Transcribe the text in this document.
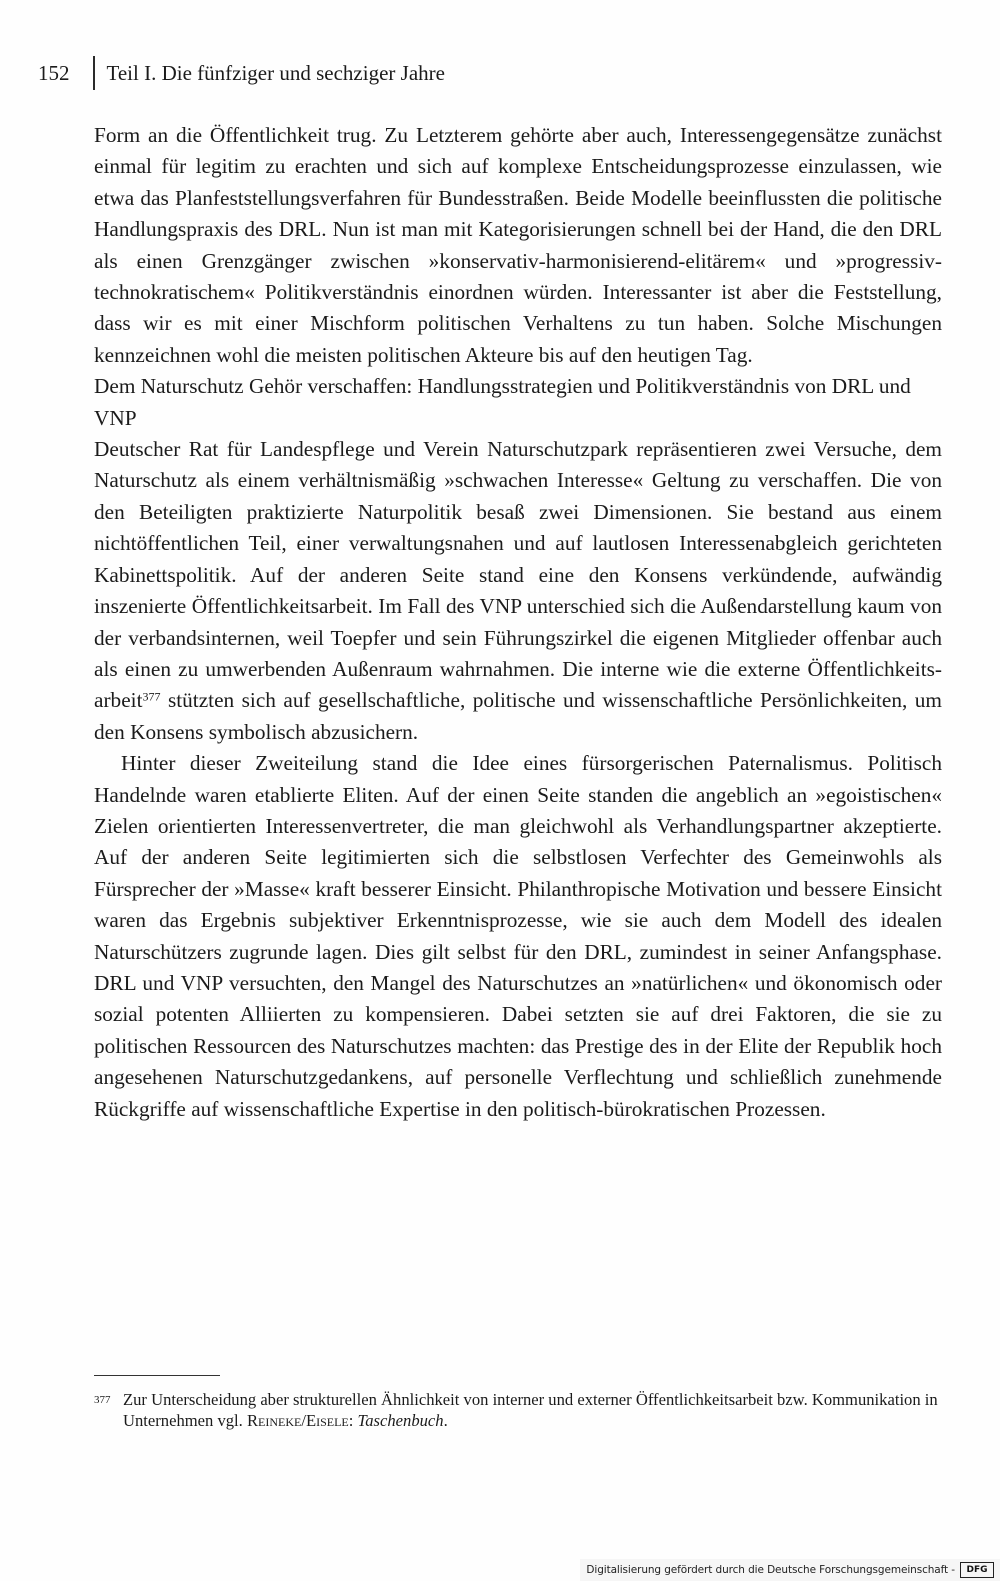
152	Teil I. Die fünfziger und sechziger Jahre

Form an die Öffentlichkeit trug. Zu Letzterem gehörte aber auch, Interessengegensätze zunächst einmal für legitim zu erachten und sich auf komplexe Entscheidungsprozesse einzulassen, wie etwa das Planfeststellungsverfahren für Bundesstraßen. Beide Modelle beeinflussten die politische Handlungspraxis des DRL. Nun ist man mit Kategorisierungen schnell bei der Hand, die den DRL als einen Grenzgänger zwischen »konservativ-harmonisierend-elitärem« und »progressiv-technokratischem« Politikverständnis einordnen würden. Interessanter ist aber die Feststellung, dass wir es mit einer Mischform politischen Verhaltens zu tun haben. Solche Mischungen kennzeichnen wohl die meisten politischen Akteure bis auf den heutigen Tag.

Dem Naturschutz Gehör verschaffen: Handlungsstrategien und Politikverständnis von DRL und VNP

Deutscher Rat für Landespflege und Verein Naturschutzpark repräsentieren zwei Versuche, dem Naturschutz als einem verhältnismäßig »schwachen Interesse« Geltung zu verschaffen. Die von den Beteiligten praktizierte Naturpolitik besaß zwei Dimensionen. Sie bestand aus einem nichtöffentlichen Teil, einer verwaltungsnahen und auf lautlosen Interessenabgleich gerichteten Kabinettspolitik. Auf der anderen Seite stand eine den Konsens verkündende, aufwändig inszenierte Öffentlichkeitsarbeit. Im Fall des VNP unterschied sich die Außendarstellung kaum von der verbandsinternen, weil Toepfer und sein Führungszirkel die eigenen Mitglieder offenbar auch als einen zu umwerbenden Außenraum wahrnahmen. Die interne wie die externe Öffentlichkeitsarbeit$^{377}$ stützten sich auf gesellschaftliche, politische und wissenschaftliche Persönlichkeiten, um den Konsens symbolisch abzusichern.

Hinter dieser Zweiteilung stand die Idee eines fürsorgerischen Paternalismus. Politisch Handelnde waren etablierte Eliten. Auf der einen Seite standen die angeblich an »egoistischen« Zielen orientierten Interessenvertreter, die man gleichwohl als Verhandlungspartner akzeptierte. Auf der anderen Seite legitimierten sich die selbstlosen Verfechter des Gemeinwohls als Fürsprecher der »Masse« kraft besserer Einsicht. Philanthropische Motivation und bessere Einsicht waren das Ergebnis subjektiver Erkenntnisprozesse, wie sie auch dem Modell des idealen Naturschützers zugrunde lagen. Dies gilt selbst für den DRL, zumindest in seiner Anfangsphase. DRL und VNP versuchten, den Mangel des Naturschutzes an »natürlichen« und ökonomisch oder sozial potenten Alliierten zu kompensieren. Dabei setzten sie auf drei Faktoren, die sie zu politischen Ressourcen des Naturschutzes machten: das Prestige des in der Elite der Republik hoch angesehenen Naturschutzgedankens, auf personelle Verflechtung und schließlich zunehmende Rückgriffe auf wissenschaftliche Expertise in den politisch-bürokratischen Prozessen.

377 Zur Unterscheidung aber strukturellen Ähnlichkeit von interner und externer Öffentlichkeitsarbeit bzw. Kommunikation in Unternehmen vgl. Reineke/Eisele: Taschenbuch.
Digitalisierung gefördert durch die Deutsche Forschungsgemeinschaft -	DFG
